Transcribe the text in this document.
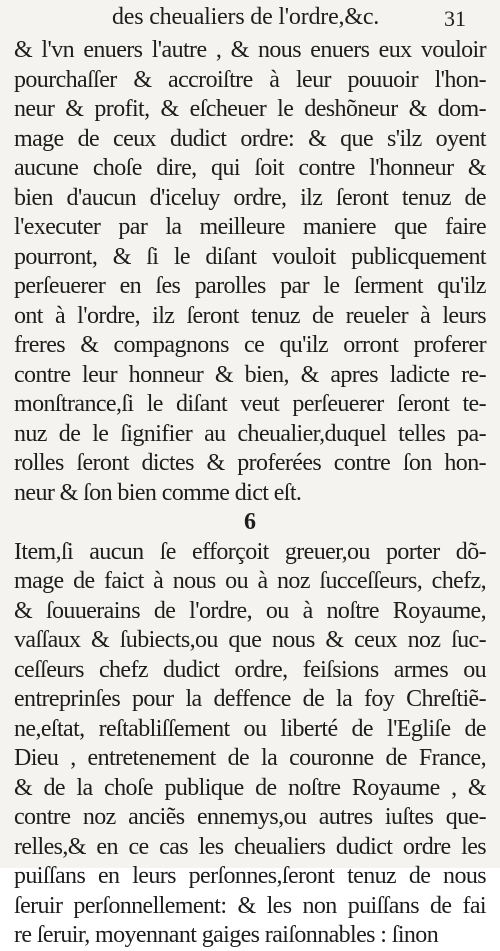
des cheualiers de l'ordre,&c.	31
& l'vn enuers l'autre , & nous enuers eux vouloir
pourchaſſer & accroiſtre à leur pouuoir l'hon-
neur & profit, & eſcheuer le deshõneur & dom-
mage de ceux dudict ordre: & que s'ilz oyent
aucune choſe dire, qui ſoit contre l'honneur &
bien d'aucun d'iceluy ordre, ilz ſeront tenuz de
l'executer par la meilleure maniere que faire
pourront, & ſi le diſant vouloit publicquement
perſeuerer en ſes parolles par le ſerment qu'ilz
ont à l'ordre, ilz ſeront tenuz de reueler à leurs
freres & compagnons ce qu'ilz orront proferer
contre leur honneur & bien, & apres ladicte re-
monſtrance,ſi le diſant veut perſeuerer ſeront te-
nuz de le ſignifier au cheualier,duquel telles pa-
rolles ſeront dictes & proferées contre ſon hon-
neur & ſon bien comme dict eſt.
6
Item,ſi aucun ſe efforçoit greuer,ou porter dõ-
mage de faict à nous ou à noz ſucceſſeurs, chefz,
& ſouuerains de l'ordre, ou à noſtre Royaume,
vaſſaux & ſubiects,ou que nous & ceux noz ſuc-
ceſſeurs chefz dudict ordre, feiſsions armes ou
entreprinſes pour la deffence de la foy Chreſtiẽ-
ne,eſtat, reſtabliſſement ou liberté de l'Egliſe de
Dieu , entretenement de la couronne de France,
& de la choſe publique de noſtre Royaume , &
contre noz anciẽs ennemys,ou autres iuſtes que-
relles,& en ce cas les cheualiers dudict ordre les
puiſſans en leurs perſonnes,ſeront tenuz de nous
ſeruir perſonnellement: & les non puiſſans de fai
re ſeruir, moyennant gaiges raiſonnables : ſinon
